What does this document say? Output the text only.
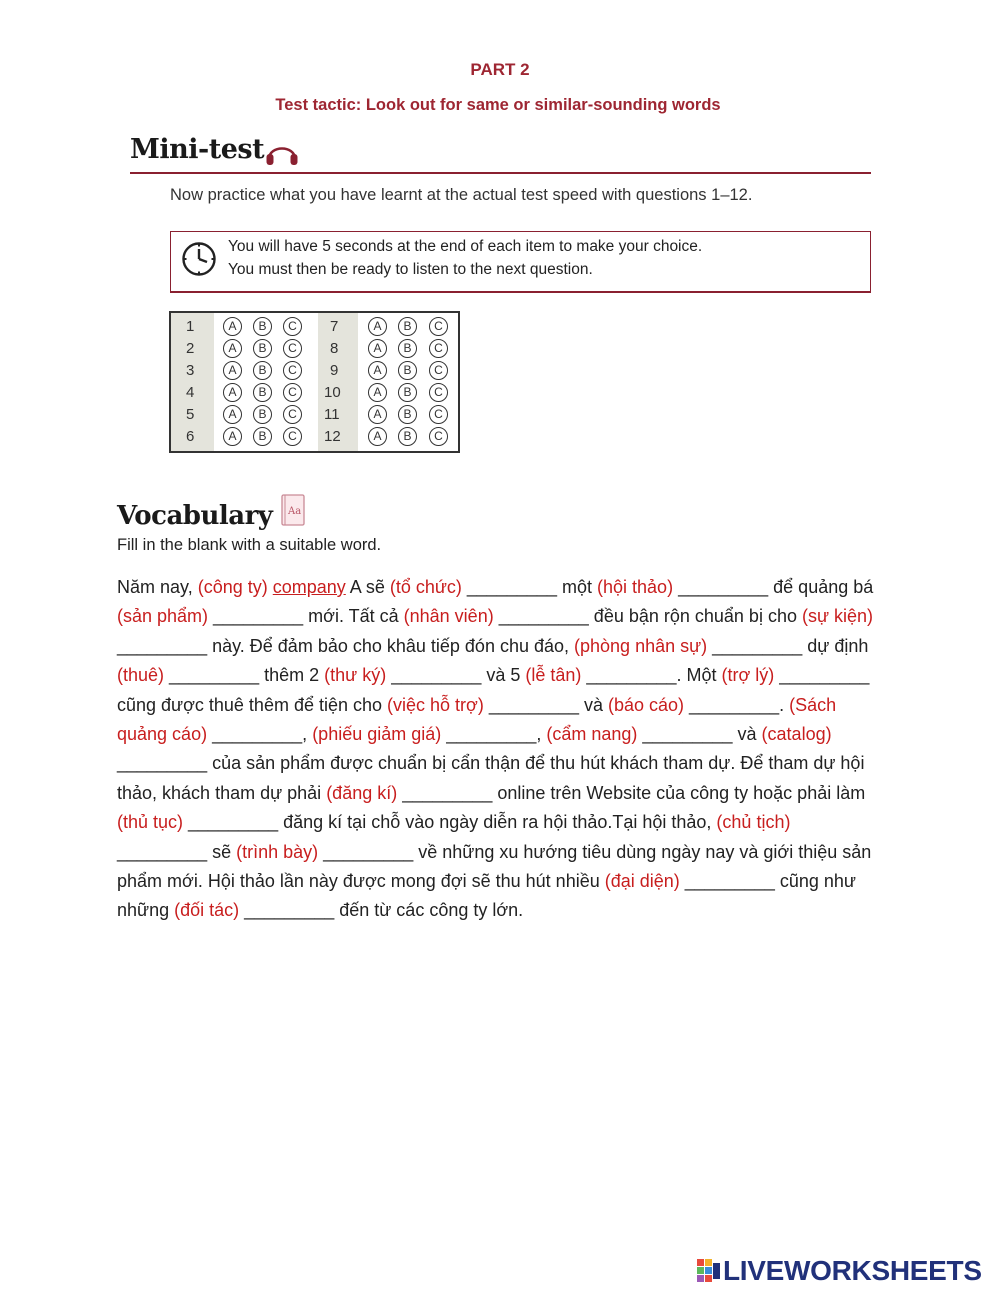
PART 2
Test tactic: Look out for same or similar-sounding words
Mini-test
Now practice what you have learnt at the actual test speed with questions 1–12.
You will have 5 seconds at the end of each item to make your choice.
You must then be ready to listen to the next question.
1	A	B	C	7	A	B	C
2	A	B	C	8	A	B	C
3	A	B	C	9	A	B	C
4	A	B	C	10	A	B	C
5	A	B	C	11	A	B	C
6	A	B	C	12	A	B	C
Vocabulary Aa
Fill in the blank with a suitable word.
Năm nay, (công ty) company A sẽ (tổ chức) _________ một (hội thảo) _________ để quảng bá (sản phẩm) _________ mới. Tất cả (nhân viên) _________ đều bận rộn chuẩn bị cho (sự kiện) _________ này. Để đảm bảo cho khâu tiếp đón chu đáo, (phòng nhân sự) _________ dự định (thuê) _________ thêm 2 (thư ký) _________ và 5 (lễ tân) _________. Một (trợ lý) _________ cũng được thuê thêm để tiện cho (việc hỗ trợ) _________ và (báo cáo) _________. (Sách quảng cáo) _________, (phiếu giảm giá) _________, (cẩm nang) _________ và (catalog) _________ của sản phẩm được chuẩn bị cẩn thận để thu hút khách tham dự. Để tham dự hội thảo, khách tham dự phải (đăng kí) _________ online trên Website của công ty hoặc phải làm (thủ tục) _________ đăng kí tại chỗ vào ngày diễn ra hội thảo.Tại hội thảo, (chủ tịch) _________ sẽ (trình bày) _________ về những xu hướng tiêu dùng ngày nay và giới thiệu sản phẩm mới. Hội thảo lần này được mong đợi sẽ thu hút nhiều (đại diện) _________ cũng như những (đối tác) _________ đến từ các công ty lớn.
LIVEWORKSHEETS
